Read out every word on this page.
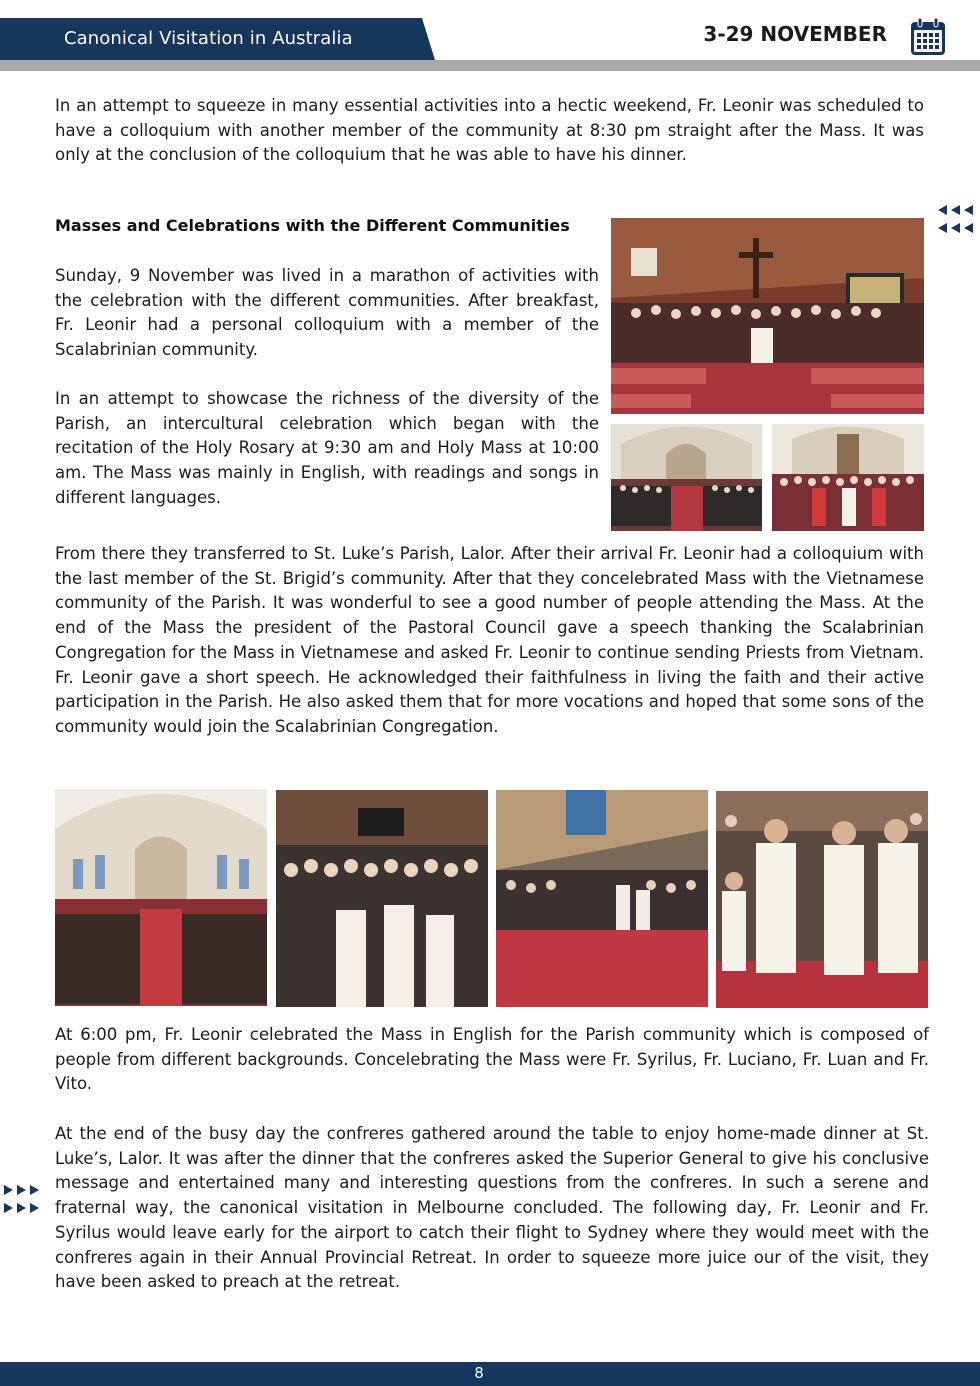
Canonical Visitation in Australia	3-29 NOVEMBER

In an attempt to squeeze in many essential activities into a hectic weekend, Fr. Leonir was scheduled to have a colloquium with another member of the community at 8:30 pm straight after the Mass. It was only at the conclusion of the colloquium that he was able to have his dinner.

Masses and Celebrations with the Different Communities

Sunday, 9 November was lived in a marathon of activities with the celebration with the different communities. After breakfast, Fr. Leonir had a personal colloquium with a member of the Scalabrinian community.

In an attempt to showcase the richness of the diversity of the Parish, an intercultural celebration which began with the recitation of the Holy Rosary at 9:30 am and Holy Mass at 10:00 am. The Mass was mainly in English, with readings and songs in different languages.

From there they transferred to St. Luke’s Parish, Lalor. After their arrival Fr. Leonir had a colloquium with the last member of the St. Brigid’s community. After that they concelebrated Mass with the Vietnamese community of the Parish. It was wonderful to see a good number of people attending the Mass. At the end of the Mass the president of the Pastoral Council gave a speech thanking the Scalabrinian Congregation for the Mass in Vietnamese and asked Fr. Leonir to continue sending Priests from Vietnam. Fr. Leonir gave a short speech. He acknowledged their faithfulness in living the faith and their active participation in the Parish. He also asked them that for more vocations and hoped that some sons of the community would join the Scalabrinian Congregation.

At 6:00 pm, Fr. Leonir celebrated the Mass in English for the Parish community which is composed of people from different backgrounds. Concelebrating the Mass were Fr. Syrilus, Fr. Luciano, Fr. Luan and Fr. Vito.

At the end of the busy day the confreres gathered around the table to enjoy home-made dinner at St. Luke’s, Lalor. It was after the dinner that the confreres asked the Superior General to give his conclusive message and entertained many and interesting questions from the confreres. In such a serene and fraternal way, the canonical visitation in Melbourne concluded. The following day, Fr. Leonir and Fr. Syrilus would leave early for the airport to catch their flight to Sydney where they would meet with the confreres again in their Annual Provincial Retreat. In order to squeeze more juice our of the visit, they have been asked to preach at the retreat.

8
